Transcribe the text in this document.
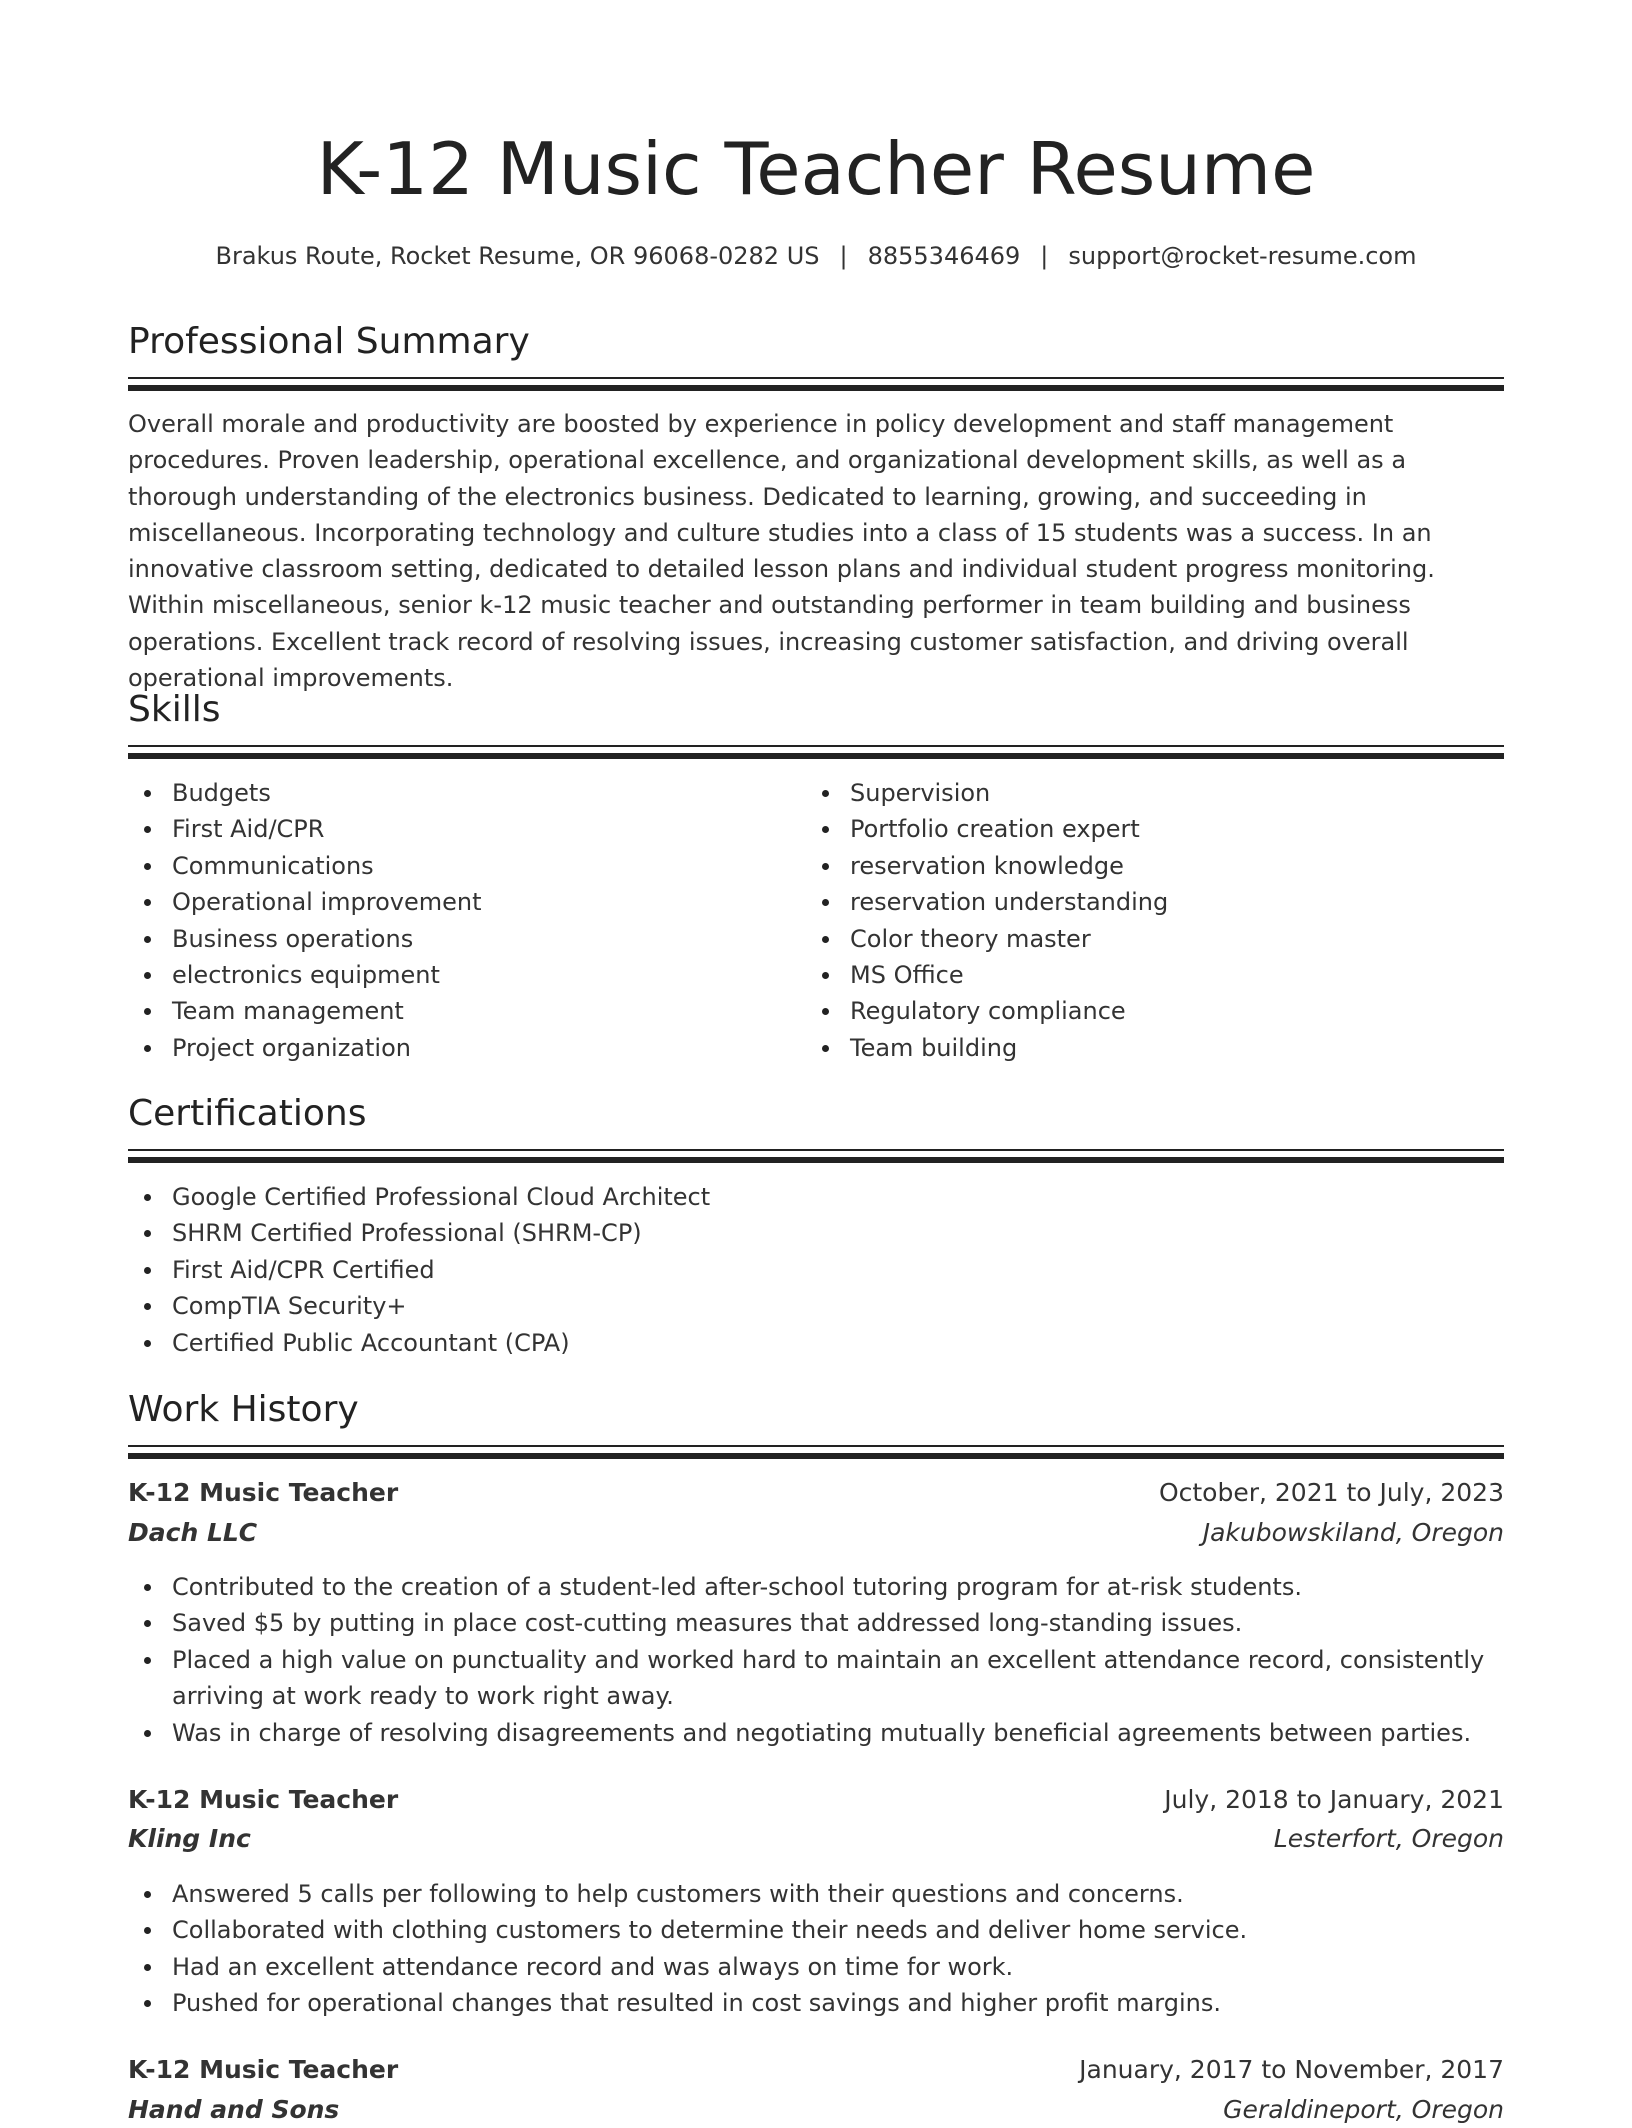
K-12 Music Teacher Resume
Brakus Route, Rocket Resume, OR 96068-0282 US | 8855346469 | support@rocket-resume.com
Professional Summary

Overall morale and productivity are boosted by experience in policy development and staff management procedures. Proven leadership, operational excellence, and organizational development skills, as well as a thorough understanding of the electronics business. Dedicated to learning, growing, and succeeding in miscellaneous. Incorporating technology and culture studies into a class of 15 students was a success. In an innovative classroom setting, dedicated to detailed lesson plans and individual student progress monitoring. Within miscellaneous, senior k-12 music teacher and outstanding performer in team building and business operations. Excellent track record of resolving issues, increasing customer satisfaction, and driving overall operational improvements.

Skills
Budgets
First Aid/CPR
Communications
Operational improvement
Business operations
electronics equipment
Team management
Project organization
Supervision
Portfolio creation expert
reservation knowledge
reservation understanding
Color theory master
MS Office
Regulatory compliance
Team building
Certifications
Google Certified Professional Cloud Architect
SHRM Certified Professional (SHRM-CP)
First Aid/CPR Certified
CompTIA Security+
Certified Public Accountant (CPA)
Work History
K-12 Music Teacher	October, 2021 to July, 2023
Dach LLC	Jakubowskiland, Oregon
Contributed to the creation of a student-led after-school tutoring program for at-risk students.
Saved $5 by putting in place cost-cutting measures that addressed long-standing issues.
Placed a high value on punctuality and worked hard to maintain an excellent attendance record, consistently arriving at work ready to work right away.
Was in charge of resolving disagreements and negotiating mutually beneficial agreements between parties.
K-12 Music Teacher	July, 2018 to January, 2021
Kling Inc	Lesterfort, Oregon
Answered 5 calls per following to help customers with their questions and concerns.
Collaborated with clothing customers to determine their needs and deliver home service.
Had an excellent attendance record and was always on time for work.
Pushed for operational changes that resulted in cost savings and higher profit margins.
K-12 Music Teacher	January, 2017 to November, 2017
Hand and Sons	Geraldineport, Oregon
